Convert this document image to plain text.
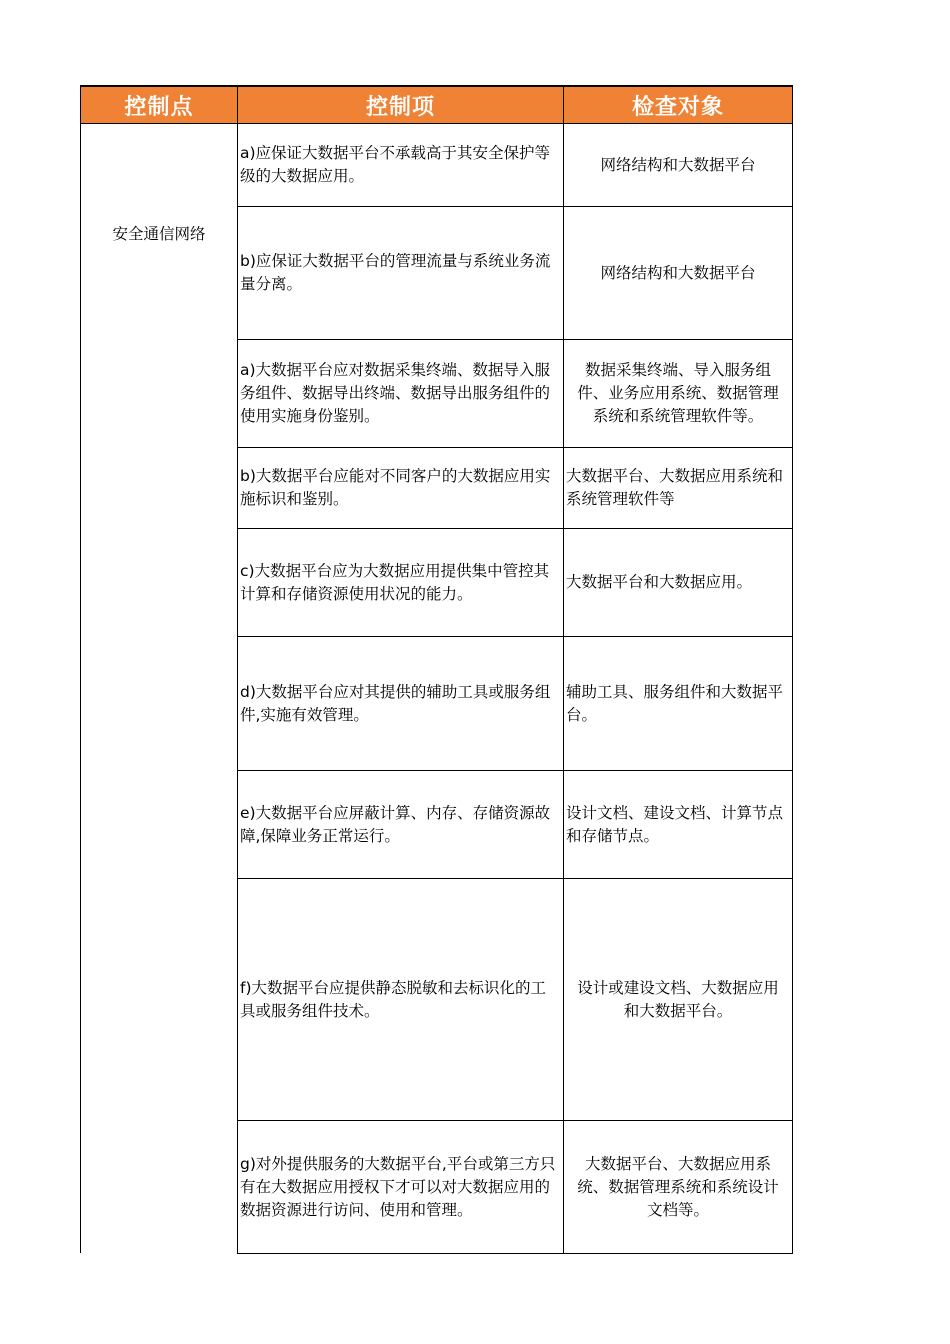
控制点	控制项	检查对象
安全通信网络
a)应保证大数据平台不承载高于其安全保护等级的大数据应用。
网络结构和大数据平台
b)应保证大数据平台的管理流量与系统业务流量分离。
网络结构和大数据平台
a)大数据平台应对数据采集终端、数据导入服务组件、数据导出终端、数据导出服务组件的使用实施身份鉴别。
数据采集终端、导入服务组件、业务应用系统、数据管理系统和系统管理软件等。
b)大数据平台应能对不同客户的大数据应用实施标识和鉴别。
大数据平台、大数据应用系统和系统管理软件等
c)大数据平台应为大数据应用提供集中管控其计算和存储资源使用状况的能力。
大数据平台和大数据应用。
d)大数据平台应对其提供的辅助工具或服务组件,实施有效管理。
辅助工具、服务组件和大数据平台。
e)大数据平台应屏蔽计算、内存、存储资源故障,保障业务正常运行。
设计文档、建设文档、计算节点和存储节点。
f)大数据平台应提供静态脱敏和去标识化的工具或服务组件技术。
设计或建设文档、大数据应用和大数据平台。
g)对外提供服务的大数据平台,平台或第三方只有在大数据应用授权下才可以对大数据应用的数据资源进行访问、使用和管理。
大数据平台、大数据应用系统、数据管理系统和系统设计文档等。
